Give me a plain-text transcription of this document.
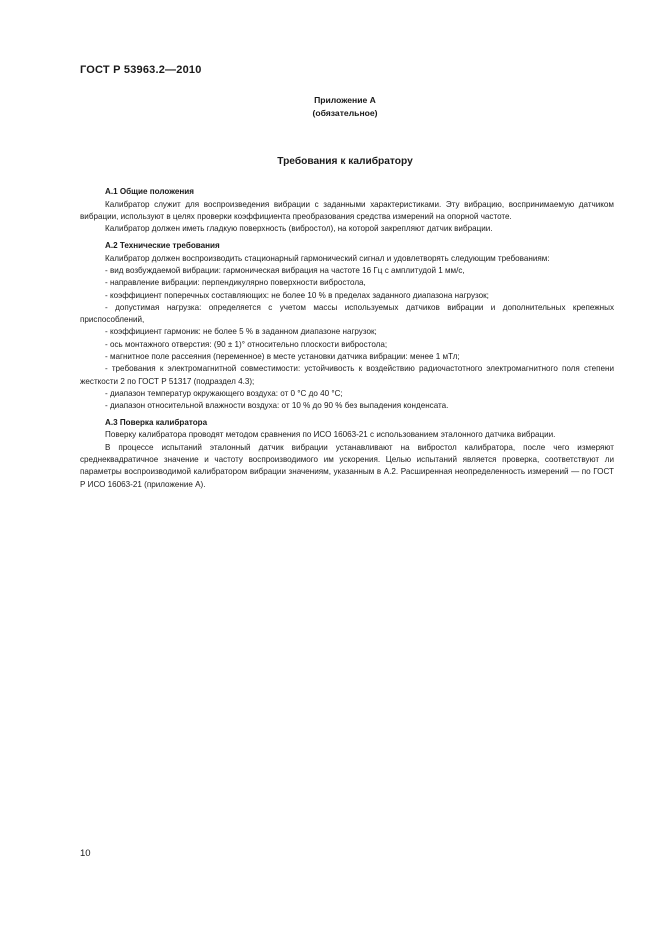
ГОСТ Р 53963.2—2010
Приложение А
(обязательное)
Требования к калибратору

А.1 Общие положения

Калибратор служит для воспроизведения вибрации с заданными характеристиками. Эту вибрацию, воспринимаемую датчиком вибрации, используют в целях проверки коэффициента преобразования средства измерений на опорной частоте.

Калибратор должен иметь гладкую поверхность (вибростол), на которой закрепляют датчик вибрации.

А.2 Технические требования

Калибратор должен воспроизводить стационарный гармонический сигнал и удовлетворять следующим требованиям:

- вид возбуждаемой вибрации: гармоническая вибрация на частоте 16 Гц с амплитудой 1 мм/с,

- направление вибрации: перпендикулярно поверхности вибростола,

- коэффициент поперечных составляющих: не более 10 % в пределах заданного диапазона нагрузок;

- допустимая нагрузка: определяется с учетом массы используемых датчиков вибрации и дополнительных крепежных приспособлений,

- коэффициент гармоник: не более 5 % в заданном диапазоне нагрузок;

- ось монтажного отверстия: (90 ± 1)° относительно плоскости вибростола;

- магнитное поле рассеяния (переменное) в месте установки датчика вибрации: менее 1 мТл;

- требования к электромагнитной совместимости: устойчивость к воздействию радиочастотного электромагнитного поля степени жесткости 2 по ГОСТ Р 51317 (подраздел 4.3);

- диапазон температур окружающего воздуха: от 0 °С до 40 °С;

- диапазон относительной влажности воздуха: от 10 % до 90 % без выпадения конденсата.

А.3 Поверка калибратора

Поверку калибратора проводят методом сравнения по ИСО 16063-21 с использованием эталонного датчика вибрации.

В процессе испытаний эталонный датчик вибрации устанавливают на вибростол калибратора, после чего измеряют среднеквадратичное значение и частоту воспроизводимого им ускорения. Целью испытаний является проверка, соответствуют ли параметры воспроизводимой калибратором вибрации значениям, указанным в А.2. Расширенная неопределенность измерений — по ГОСТ Р ИСО 16063-21 (приложение А).

10
